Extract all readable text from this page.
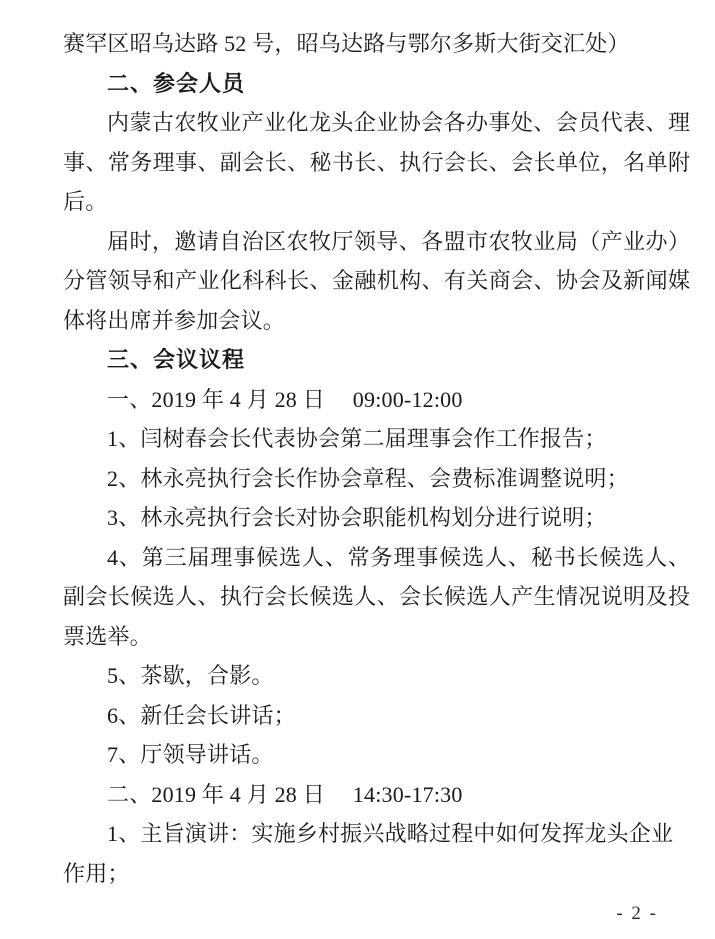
赛罕区昭乌达路 52 号，昭乌达路与鄂尔多斯大街交汇处）
二、参会人员
内蒙古农牧业产业化龙头企业协会各办事处、会员代表、理
事、常务理事、副会长、秘书长、执行会长、会长单位，名单附
后。
届时，邀请自治区农牧厅领导、各盟市农牧业局（产业办）
分管领导和产业化科科长、金融机构、有关商会、协会及新闻媒
体将出席并参加会议。
三、会议议程
一、2019 年 4 月 28 日　 09:00-12:00
1、闫树春会长代表协会第二届理事会作工作报告；
2、林永亮执行会长作协会章程、会费标准调整说明；
3、林永亮执行会长对协会职能机构划分进行说明；
4、第三届理事候选人、常务理事候选人、秘书长候选人、
副会长候选人、执行会长候选人、会长候选人产生情况说明及投
票选举。
5、茶歇，合影。
6、新任会长讲话；
7、厅领导讲话。
二、2019 年 4 月 28 日　 14:30-17:30
1、主旨演讲：实施乡村振兴战略过程中如何发挥龙头企业
作用；
- 2 -
